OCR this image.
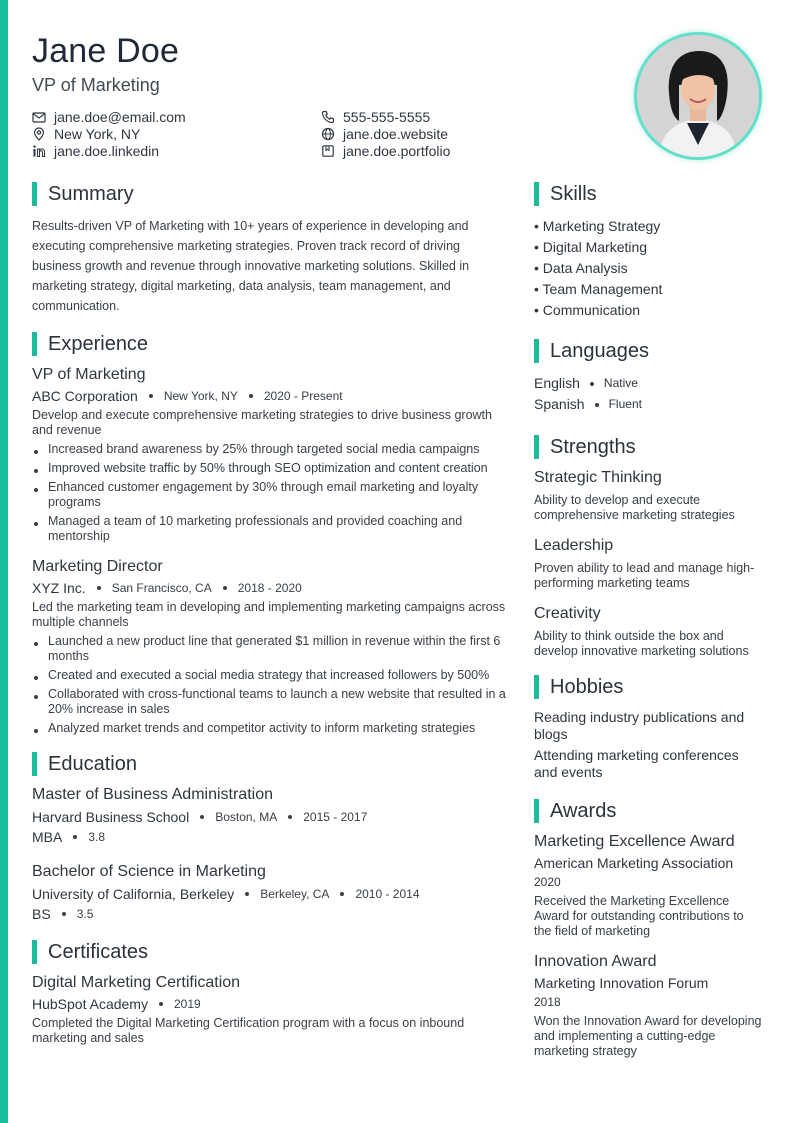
Jane Doe
VP of Marketing
jane.doe@email.com
New York, NY
jane.doe.linkedin
555-555-5555
jane.doe.website
jane.doe.portfolio
Summary

Results-driven VP of Marketing with 10+ years of experience in developing and executing comprehensive marketing strategies. Proven track record of driving business growth and revenue through innovative marketing solutions. Skilled in marketing strategy, digital marketing, data analysis, team management, and communication.

Experience
VP of Marketing
ABC Corporation New York, NY 2020 - Present
Develop and execute comprehensive marketing strategies to drive business growth and revenue
Increased brand awareness by 25% through targeted social media campaigns
Improved website traffic by 50% through SEO optimization and content creation
Enhanced customer engagement by 30% through email marketing and loyalty programs
Managed a team of 10 marketing professionals and provided coaching and mentorship
Marketing Director
XYZ Inc. San Francisco, CA 2018 - 2020
Led the marketing team in developing and implementing marketing campaigns across multiple channels
Launched a new product line that generated $1 million in revenue within the first 6 months
Created and executed a social media strategy that increased followers by 500%
Collaborated with cross-functional teams to launch a new website that resulted in a 20% increase in sales
Analyzed market trends and competitor activity to inform marketing strategies
Education
Master of Business Administration
Harvard Business School Boston, MA 2015 - 2017
MBA 3.8
Bachelor of Science in Marketing
University of California, Berkeley Berkeley, CA 2010 - 2014
BS 3.5
Certificates
Digital Marketing Certification
HubSpot Academy 2019
Completed the Digital Marketing Certification program with a focus on inbound marketing and sales
Skills
• Marketing Strategy
• Digital Marketing
• Data Analysis
• Team Management
• Communication
Languages
English Native
Spanish Fluent
Strengths
Strategic Thinking
Ability to develop and execute comprehensive marketing strategies
Leadership
Proven ability to lead and manage high-performing marketing teams
Creativity
Ability to think outside the box and develop innovative marketing solutions
Hobbies
Reading industry publications and blogs
Attending marketing conferences and events
Awards
Marketing Excellence Award
American Marketing Association
2020
Received the Marketing Excellence Award for outstanding contributions to the field of marketing
Innovation Award
Marketing Innovation Forum
2018
Won the Innovation Award for developing and implementing a cutting-edge marketing strategy
